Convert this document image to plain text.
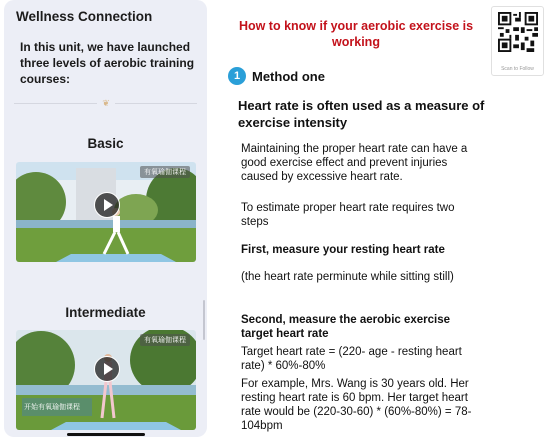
Wellness Connection
In this unit, we have launched three levels of aerobic training courses:
❦
Basic
有氧瑜伽课程
Intermediate
有氧瑜伽课程
开始有氧瑜伽课程
How to know if your aerobic exercise is working
1 Method one
Heart rate is often used as a measure of exercise intensity
Maintaining the proper heart rate can have a good exercise effect and prevent injuries caused by excessive heart rate.
To estimate proper heart rate requires two steps
First, measure your resting heart rate
(the heart rate perminute while sitting still)
Second, measure the aerobic exercise target heart rate
Target heart rate = (220- age - resting heart rate) * 60%-80%
For example, Mrs. Wang is 30 years old. Her resting heart rate is 60 bpm. Her target heart rate would be (220-30-60) * (60%-80%) = 78-104bpm
Scan to Follow
